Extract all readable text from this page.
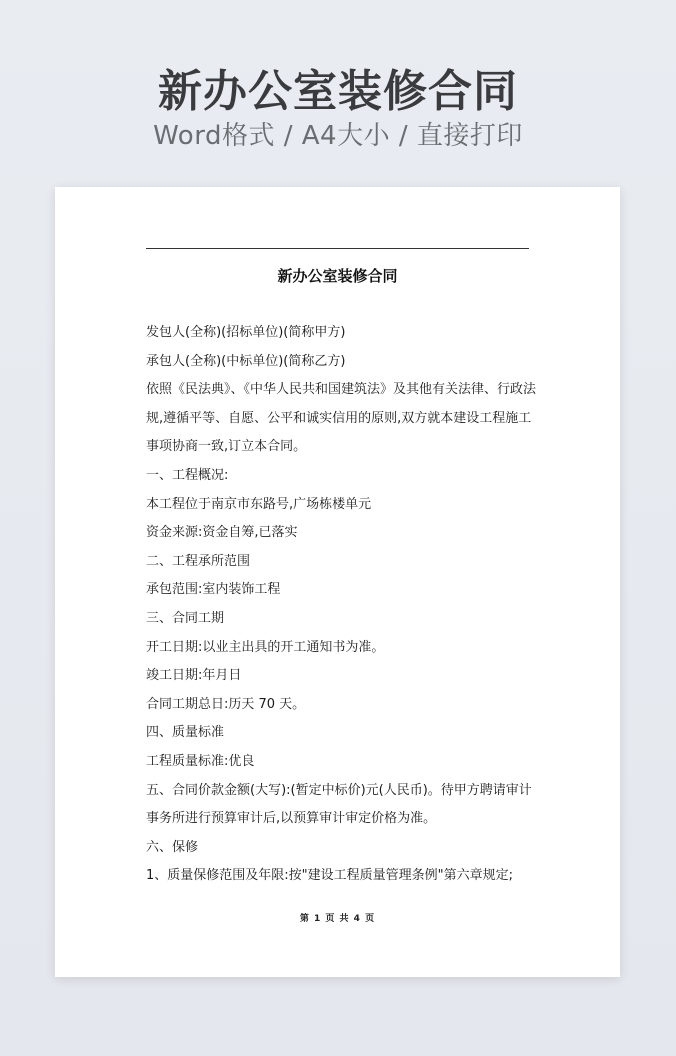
新办公室装修合同
Word格式 / A4大小 / 直接打印
新办公室装修合同
发包人(全称)(招标单位)(简称甲方)
承包人(全称)(中标单位)(简称乙方)
依照《民法典》、《中华人民共和国建筑法》及其他有关法律、行政法
规,遵循平等、自愿、公平和诚实信用的原则,双方就本建设工程施工
事项协商一致,订立本合同。
一、工程概况:
本工程位于南京市东路号,广场栋楼单元
资金来源:资金自筹,已落实
二、工程承所范围
承包范围:室内装饰工程
三、合同工期
开工日期:以业主出具的开工通知书为准。
竣工日期:年月日
合同工期总日:历天 70 天。
四、质量标准
工程质量标准:优良
五、合同价款金额(大写):(暂定中标价)元(人民币)。待甲方聘请审计
事务所进行预算审计后,以预算审计审定价格为准。
六、保修
1、质量保修范围及年限:按"建设工程质量管理条例"第六章规定;
第 1 页 共 4 页
